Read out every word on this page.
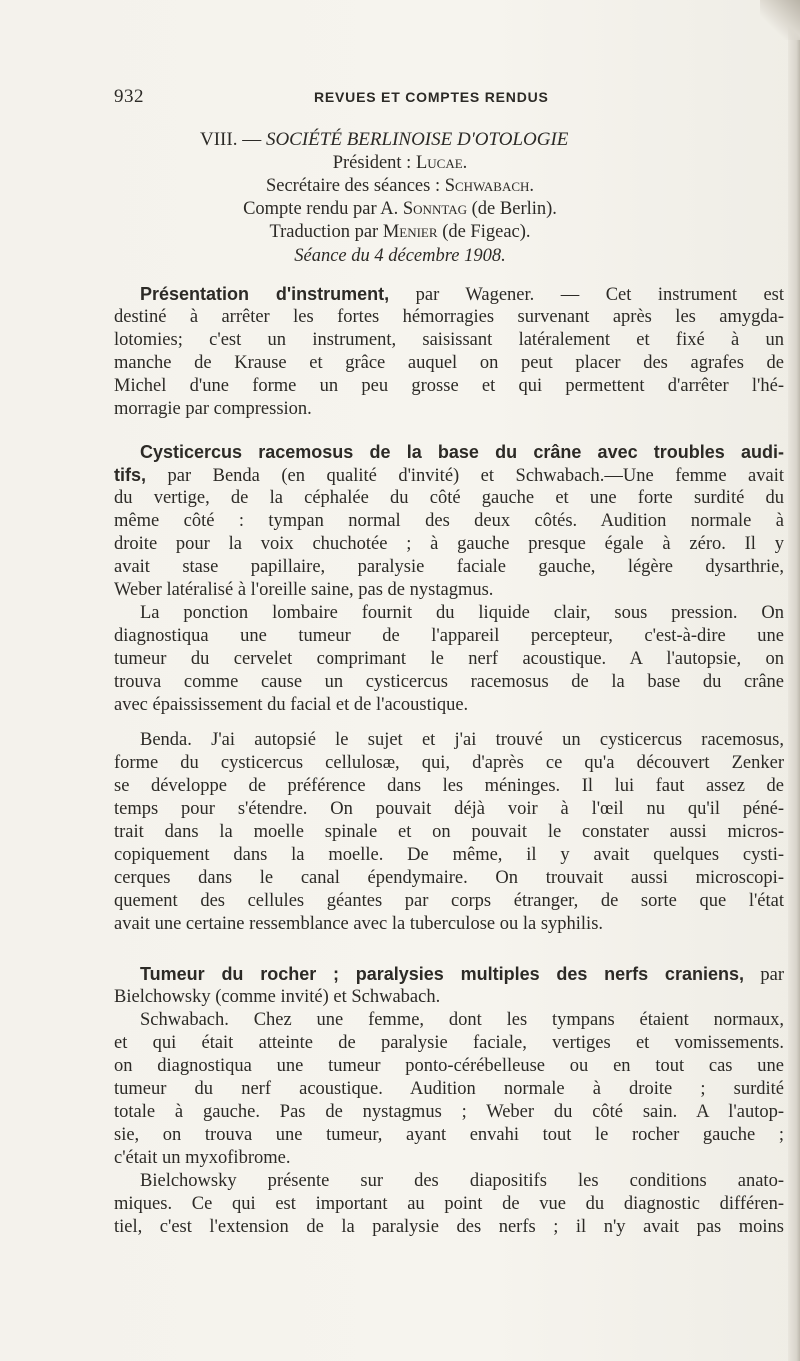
932	REVUES ET COMPTES RENDUS
VIII. — SOCIÉTÉ BERLINOISE D'OTOLOGIE
Président : Lucae.
Secrétaire des séances : Schwabach.
Compte rendu par A. Sonntag (de Berlin).
Traduction par Menier (de Figeac).
Séance du 4 décembre 1908.
Présentation d'instrument, par Wagener. — Cet instrument est
destiné à arrêter les fortes hémorragies survenant après les amygda-
lotomies; c'est un instrument, saisissant latéralement et fixé à un
manche de Krause et grâce auquel on peut placer des agrafes de
Michel d'une forme un peu grosse et qui permettent d'arrêter l'hé-
morragie par compression.
Cysticercus racemosus de la base du crâne avec troubles audi-
tifs, par Benda (en qualité d'invité) et Schwabach.—Une femme avait
du vertige, de la céphalée du côté gauche et une forte surdité du
même côté : tympan normal des deux côtés. Audition normale à
droite pour la voix chuchotée ; à gauche presque égale à zéro. Il y
avait stase papillaire, paralysie faciale gauche, légère dysarthrie,
Weber latéralisé à l'oreille saine, pas de nystagmus.
La ponction lombaire fournit du liquide clair, sous pression. On
diagnostiqua une tumeur de l'appareil percepteur, c'est-à-dire une
tumeur du cervelet comprimant le nerf acoustique. A l'autopsie, on
trouva comme cause un cysticercus racemosus de la base du crâne
avec épaississement du facial et de l'acoustique.
Benda. J'ai autopsié le sujet et j'ai trouvé un cysticercus racemosus,
forme du cysticercus cellulosæ, qui, d'après ce qu'a découvert Zenker
se développe de préférence dans les méninges. Il lui faut assez de
temps pour s'étendre. On pouvait déjà voir à l'œil nu qu'il péné-
trait dans la moelle spinale et on pouvait le constater aussi micros-
copiquement dans la moelle. De même, il y avait quelques cysti-
cerques dans le canal épendymaire. On trouvait aussi microscopi-
quement des cellules géantes par corps étranger, de sorte que l'état
avait une certaine ressemblance avec la tuberculose ou la syphilis.
Tumeur du rocher ; paralysies multiples des nerfs craniens, par
Bielchowsky (comme invité) et Schwabach.
Schwabach. Chez une femme, dont les tympans étaient normaux,
et qui était atteinte de paralysie faciale, vertiges et vomissements.
on diagnostiqua une tumeur ponto-cérébelleuse ou en tout cas une
tumeur du nerf acoustique. Audition normale à droite ; surdité
totale à gauche. Pas de nystagmus ; Weber du côté sain. A l'autop-
sie, on trouva une tumeur, ayant envahi tout le rocher gauche ;
c'était un myxofibrome.
Bielchowsky présente sur des diapositifs les conditions anato-
miques. Ce qui est important au point de vue du diagnostic différen-
tiel, c'est l'extension de la paralysie des nerfs ; il n'y avait pas moins
